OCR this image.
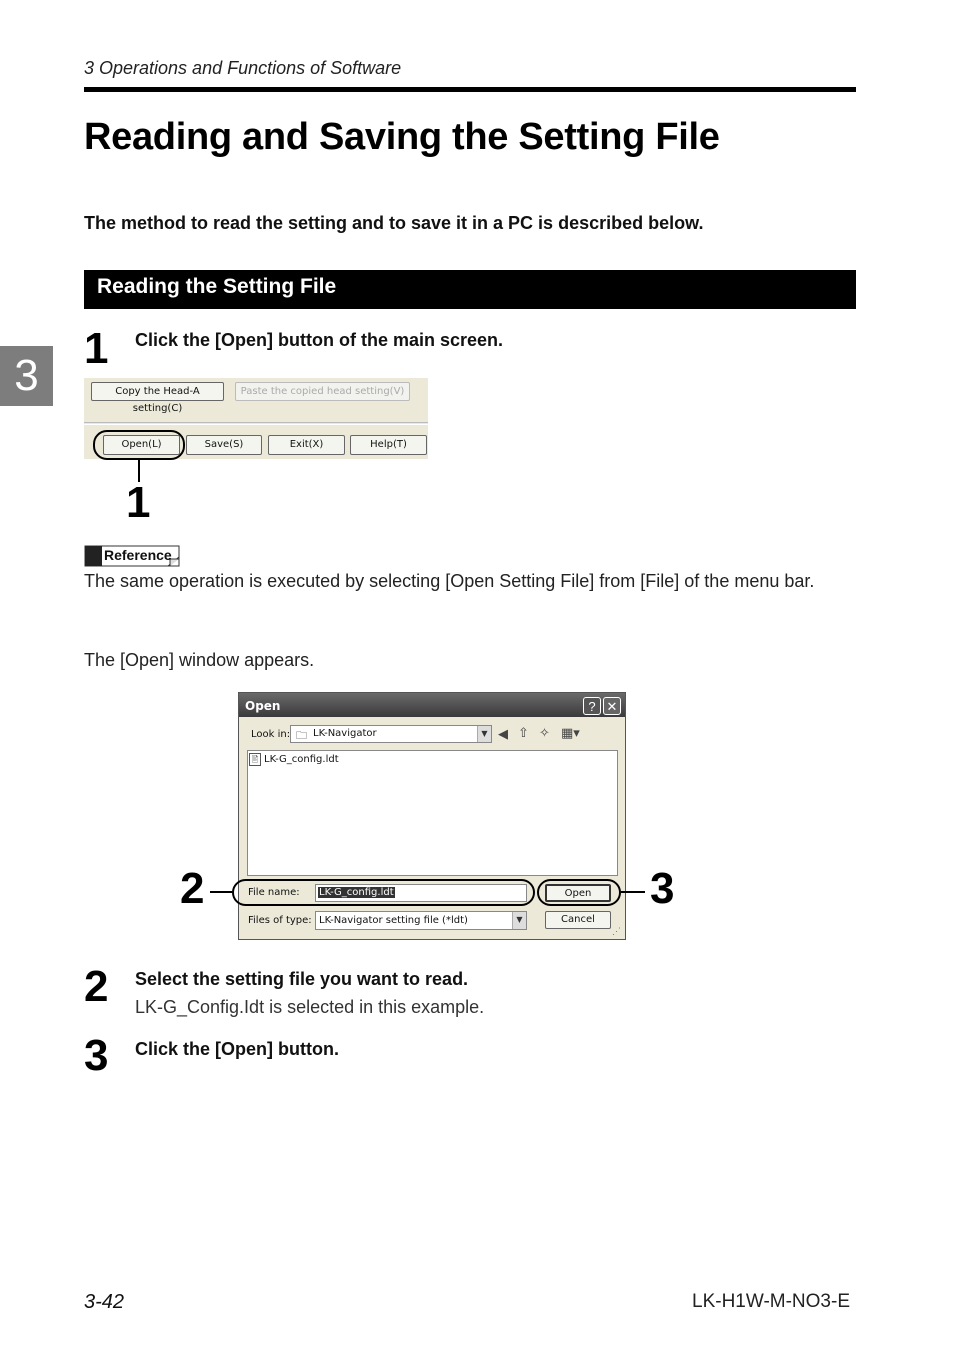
3 Operations and Functions of Software
Reading and Saving the Setting File
The method to read the setting and to save it in a PC is described below.
Reading the Setting File
3
1 Click the [Open] button of the main screen.
Copy the Head-A setting(C)
Paste the copied head setting(V)
Open(L)	Save(S)	Exit(X)	Help(T)
1
Reference
The same operation is executed by selecting [Open Setting File] from [File] of the menu bar.
The [Open] window appears.
Open	? ✕
Look in: 🗀 LK-Navigator	▼ ◀ ⇧ ✧ ▦▾
🖹 LK-G_config.ldt
File name: LK-G_config.ldt
Files of type: LK-Navigator setting file (*ldt)	▼
Open
Cancel
⋰
2	3
2 Select the setting file you want to read.
LK-G_Config.Idt is selected in this example.
3 Click the [Open] button.
3-42	LK-H1W-M-NO3-E
